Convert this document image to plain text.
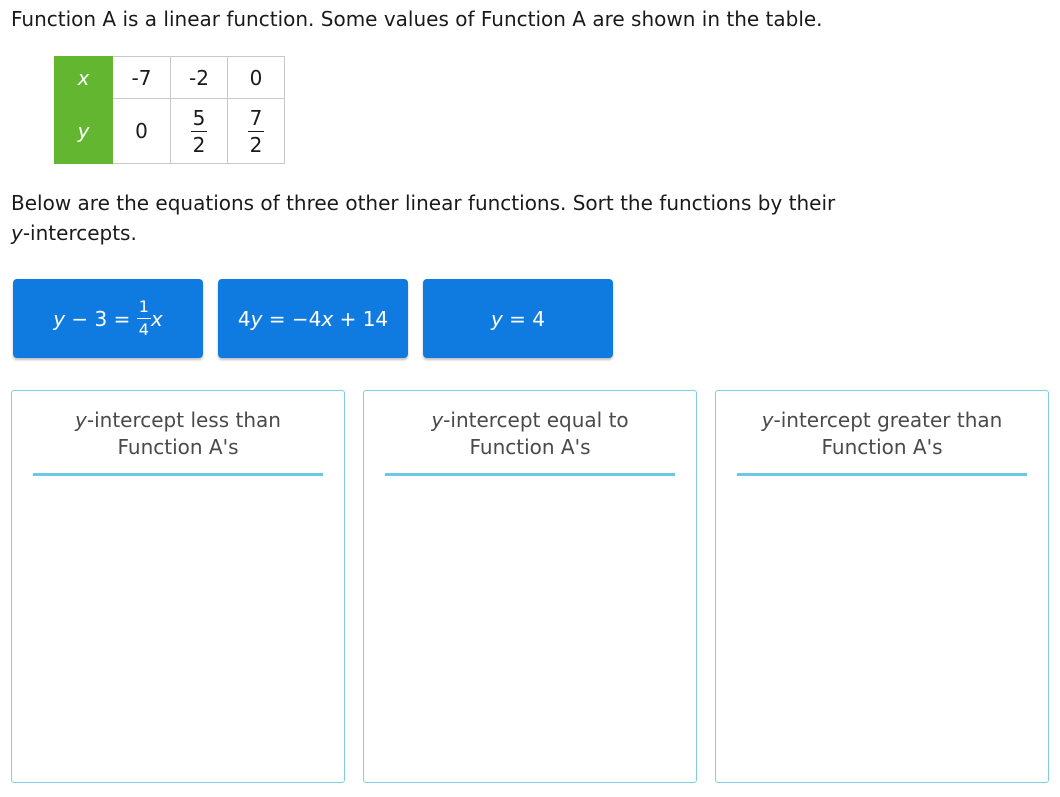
Function A is a linear function. Some values of Function A are shown in the table.
x	-7	-2	0
y	0	$\frac{5}{2}$	$\frac{7}{2}$
Below are the equations of three other linear functions. Sort the functions by their
y-intercepts.
$y - 3 = \frac{1}{4}$ x	4 y = −4 x + 14	y = 4
y-intercept less than
Function A's
y-intercept equal to
Function A's
y-intercept greater than
Function A's
